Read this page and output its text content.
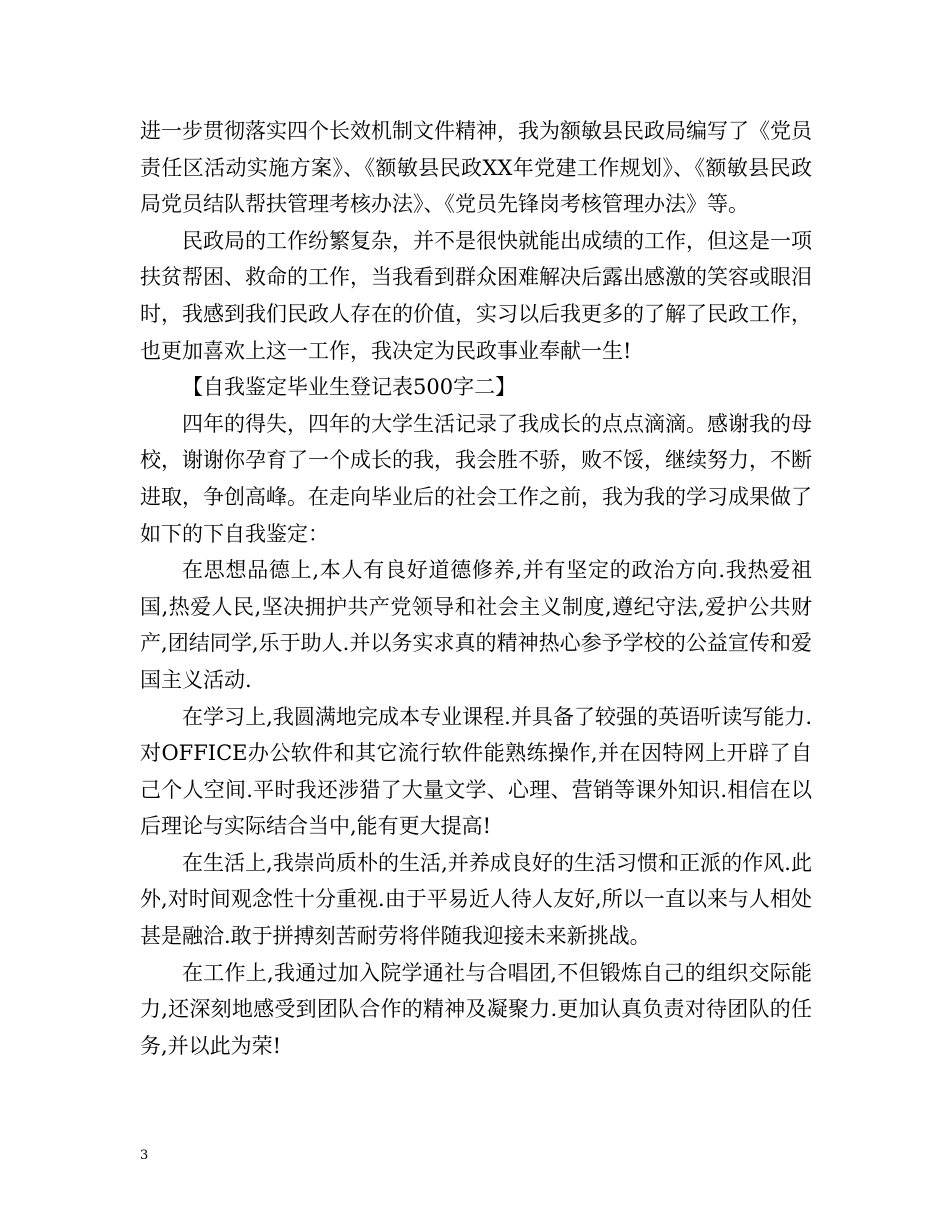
进一步贯彻落实四个长效机制文件精神，我为额敏县民政局编写了《党员责任区活动实施方案》、《额敏县民政XX年党建工作规划》、《额敏县民政局党员结队帮扶管理考核办法》、《党员先锋岗考核管理办法》等。

民政局的工作纷繁复杂，并不是很快就能出成绩的工作，但这是一项扶贫帮困、救命的工作，当我看到群众困难解决后露出感激的笑容或眼泪时，我感到我们民政人存在的价值，实习以后我更多的了解了民政工作，也更加喜欢上这一工作，我决定为民政事业奉献一生!

【自我鉴定毕业生登记表500字二】

四年的得失，四年的大学生活记录了我成长的点点滴滴。感谢我的母校，谢谢你孕育了一个成长的我，我会胜不骄，败不馁，继续努力，不断进取，争创高峰。在走向毕业后的社会工作之前，我为我的学习成果做了如下的下自我鉴定：

在思想品德上,本人有良好道德修养,并有坚定的政治方向.我热爱祖国,热爱人民,坚决拥护共产党领导和社会主义制度,遵纪守法,爱护公共财产,团结同学,乐于助人.并以务实求真的精神热心参予学校的公益宣传和爱国主义活动.

在学习上,我圆满地完成本专业课程.并具备了较强的英语听读写能力.对OFFICE办公软件和其它流行软件能熟练操作,并在因特网上开辟了自己个人空间.平时我还涉猎了大量文学、心理、营销等课外知识.相信在以后理论与实际结合当中,能有更大提高!

在生活上,我崇尚质朴的生活,并养成良好的生活习惯和正派的作风.此外,对时间观念性十分重视.由于平易近人待人友好,所以一直以来与人相处甚是融洽.敢于拼搏刻苦耐劳将伴随我迎接未来新挑战。

在工作上,我通过加入院学通社与合唱团,不但锻炼自己的组织交际能力,还深刻地感受到团队合作的精神及凝聚力.更加认真负责对待团队的任务,并以此为荣!

3
